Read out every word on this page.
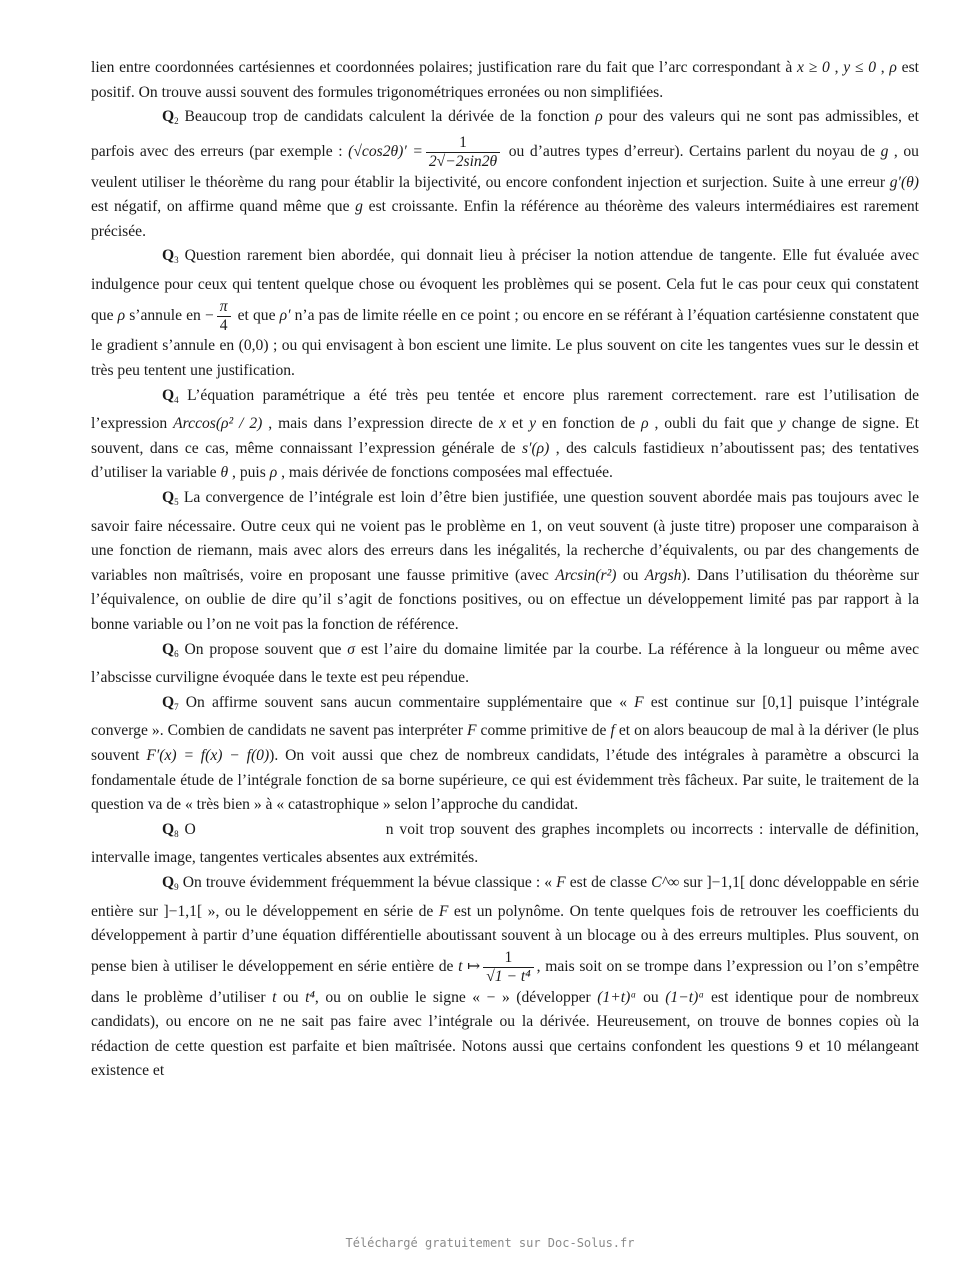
lien entre coordonnées cartésiennes et coordonnées polaires; justification rare du fait que l’arc correspondant à x ≥ 0 , y ≤ 0 , ρ est positif. On trouve aussi souvent des formules trigonométriques erronées ou non simplifiées.

$Q_2$ Beaucoup trop de candidats calculent la dérivée de la fonction ρ pour des valeurs qui ne sont pas admissibles, et parfois avec des erreurs (par exemple : $(√\cos 2\theta)' = \frac{1}{2√-2\sin 2\theta}$ ou d’autres types d’erreur). Certains parlent du noyau de g , ou veulent utiliser le théorème du rang pour établir la bijectivité, ou encore confondent injection et surjection. Suite à une erreur g′(θ) est négatif, on affirme quand même que g est croissante. Enfin la référence au théorème des valeurs intermédiaires est rarement précisée.

$Q_3$ Question rarement bien abordée, qui donnait lieu à préciser la notion attendue de tangente. Elle fut évaluée avec indulgence pour ceux qui tentent quelque chose ou évoquent les problèmes qui se posent. Cela fut le cas pour ceux qui constatent que ρ s’annule en − $\frac{\pi}{4}$ et que ρ′ n’a pas de limite réelle en ce point ; ou encore en se référant à l’équation cartésienne constatent que le gradient s’annule en (0,0) ; ou qui envisagent à bon escient une limite. Le plus souvent on cite les tangentes vues sur le dessin et très peu tentent une justification.

$Q_4$ L’équation paramétrique a été très peu tentée et encore plus rarement correctement. rare est l’utilisation de l’expression Arccos(ρ² / 2) , mais dans l’expression directe de x et y en fonction de ρ , oubli du fait que y change de signe. Et souvent, dans ce cas, même connaissant l’expression générale de s′(ρ) , des calculs fastidieux n’aboutissent pas; des tentatives d’utiliser la variable θ , puis ρ , mais dérivée de fonctions composées mal effectuée.

$Q_5$ La convergence de l’intégrale est loin d’être bien justifiée, une question souvent abordée mais pas toujours avec le savoir faire nécessaire. Outre ceux qui ne voient pas le problème en 1, on veut souvent (à juste titre) proposer une comparaison à une fonction de riemann, mais avec alors des erreurs dans les inégalités, la recherche d’équivalents, ou par des changements de variables non maîtrisés, voire en proposant une fausse primitive (avec Arcsin(r²) ou Argsh). Dans l’utilisation du théorème sur l’équivalence, on oublie de dire qu’il s’agit de fonctions positives, ou on effectue un développement limité pas par rapport à la bonne variable ou l’on ne voit pas la fonction de référence.

$Q_6$ On propose souvent que σ est l’aire du domaine limitée par la courbe. La référence à la longueur ou même avec l’abscisse curviligne évoquée dans le texte est peu répendue.

$Q_7$ On affirme souvent sans aucun commentaire supplémentaire que « F est continue sur [0,1] puisque l’intégrale converge ». Combien de candidats ne savent pas interpréter F comme primitive de f et on alors beaucoup de mal à la dériver (le plus souvent F′(x) = f(x) − f(0)). On voit aussi que chez de nombreux candidats, l’étude des intégrales à paramètre a obscurci la fondamentale étude de l’intégrale fonction de sa borne supérieure, ce qui est évidemment très fâcheux. Par suite, le traitement de la question va de « très bien » à « catastrophique » selon l’approche du candidat.

$Q_8$ O	n voit trop souvent des graphes incomplets ou incorrects : intervalle de définition, intervalle image, tangentes verticales absentes aux extrémités.

$Q_9$ On trouve évidemment fréquemment la bévue classique : « F est de classe C^∞ sur ]−1,1[ donc développable en série entière sur ]−1,1[ », ou le développement en série de F est un polynôme. On tente quelques fois de retrouver les coefficients du développement à partir d’une équation différentielle aboutissant souvent à un blocage ou à des erreurs multiples. Plus souvent, on pense bien à utiliser le développement en série entière de t ↦ $\frac{1}{\text{√1 − t⁴}}$ , mais soit on se trompe dans l’expression ou l’on s’empêtre dans le problème d’utiliser t ou t⁴, ou on oublie le signe « − » (développer (1+t)ᵃ ou (1−t)ᵃ est identique pour de nombreux candidats), ou encore on ne ne sait pas faire avec l’intégrale ou la dérivée. Heureusement, on trouve de bonnes copies où la rédaction de cette question est parfaite et bien maîtrisée. Notons aussi que certains confondent les questions 9 et 10 mélangeant existence et

Téléchargé gratuitement sur Doc-Solus.fr
